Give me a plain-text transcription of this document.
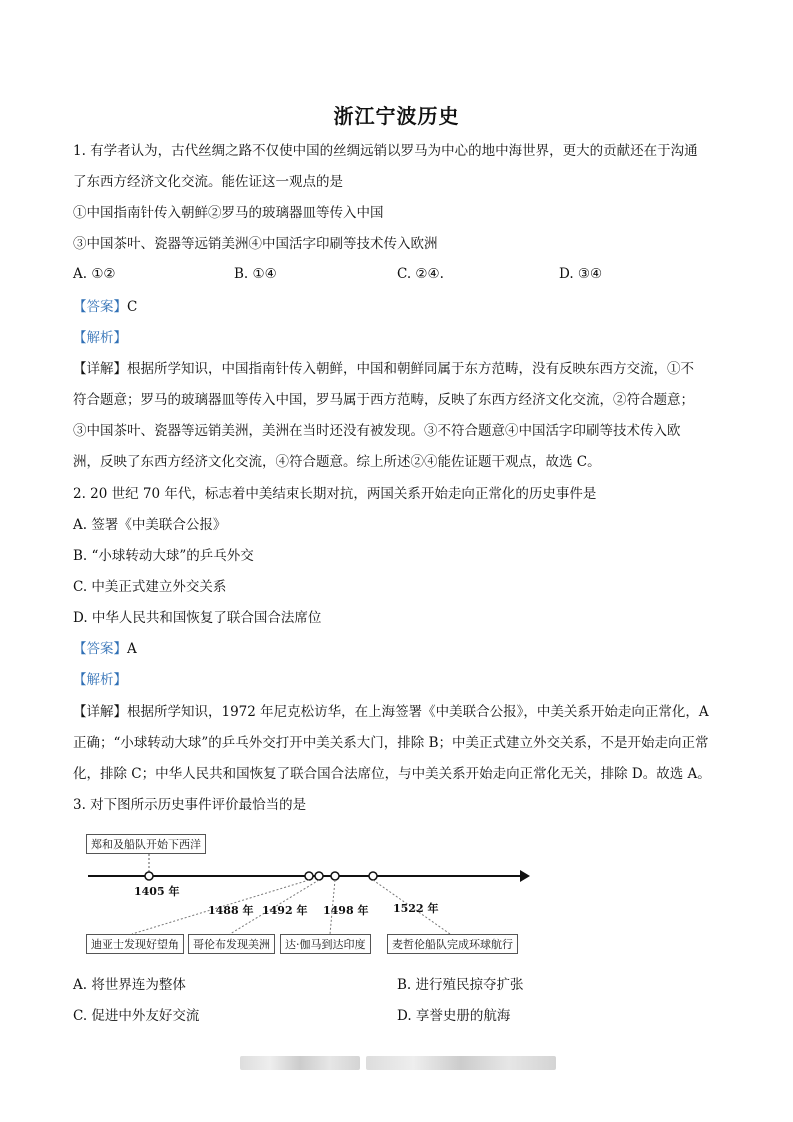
浙江宁波历史
1. 有学者认为，古代丝绸之路不仅使中国的丝绸远销以罗马为中心的地中海世界，更大的贡献还在于沟通
了东西方经济文化交流。能佐证这一观点的是
①中国指南针传入朝鲜②罗马的玻璃器皿等传入中国
③中国茶叶、瓷器等远销美洲④中国活字印刷等技术传入欧洲
A. ①②	B. ①④	C. ②④.	D. ③④
【答案】C
【解析】
【详解】根据所学知识，中国指南针传入朝鲜，中国和朝鲜同属于东方范畴，没有反映东西方交流，①不
符合题意；罗马的玻璃器皿等传入中国，罗马属于西方范畴，反映了东西方经济文化交流，②符合题意；
③中国茶叶、瓷器等远销美洲，美洲在当时还没有被发现。③不符合题意④中国活字印刷等技术传入欧
洲，反映了东西方经济文化交流，④符合题意。综上所述②④能佐证题干观点，故选 C。
2. 20 世纪 70 年代，标志着中美结束长期对抗，两国关系开始走向正常化的历史事件是
A. 签署《中美联合公报》
B. “小球转动大球”的乒乓外交
C. 中美正式建立外交关系
D. 中华人民共和国恢复了联合国合法席位
【答案】A
【解析】
【详解】根据所学知识，1972 年尼克松访华，在上海签署《中美联合公报》，中美关系开始走向正常化，A
正确；“小球转动大球”的乒乓外交打开中美关系大门，排除 B；中美正式建立外交关系，不是开始走向正常
化，排除 C；中华人民共和国恢复了联合国合法席位，与中美关系开始走向正常化无关，排除 D。故选 A。
3. 对下图所示历史事件评价最恰当的是
郑和及船队开始下西洋
1405 年
1488 年 1492 年 1498 年 1522 年
迪亚士发现好望角	哥伦布发现美洲	达·伽马到达印度	麦哲伦船队完成环球航行
A. 将世界连为整体	B. 进行殖民掠夺扩张
C. 促进中外友好交流	D. 享誉史册的航海
